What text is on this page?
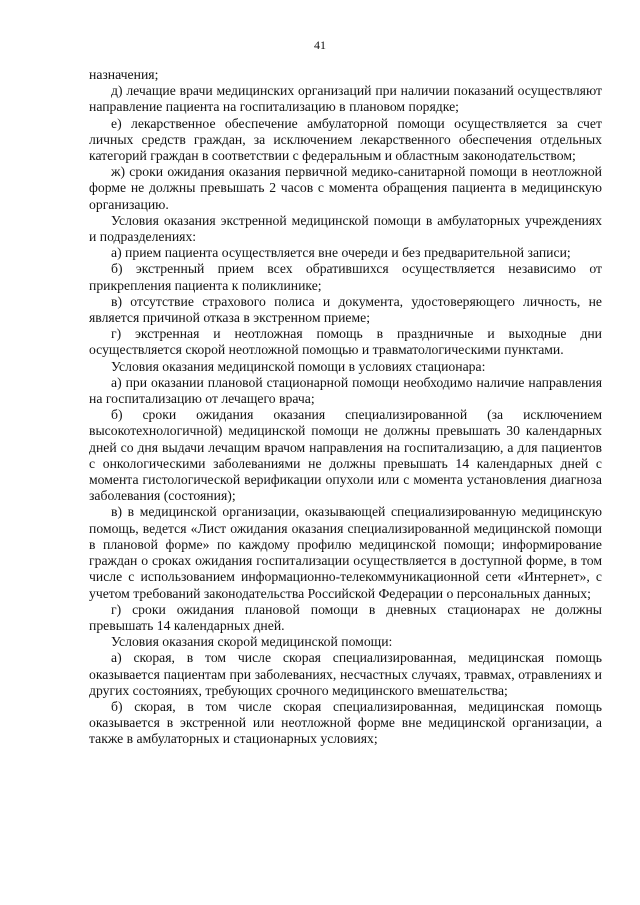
41

назначения;

д) лечащие врачи медицинских организаций при наличии показаний осуществляют направление пациента на госпитализацию в плановом порядке;

е) лекарственное обеспечение амбулаторной помощи осуществляется за счет личных средств граждан, за исключением лекарственного обеспечения отдельных категорий граждан в соответствии с федеральным и областным законодательством;

ж) сроки ожидания оказания первичной медико-санитарной помощи в неотложной форме не должны превышать 2 часов с момента обращения пациента в медицинскую организацию.

Условия оказания экстренной медицинской помощи в амбулаторных учреждениях и подразделениях:

а) прием пациента осуществляется вне очереди и без предварительной записи;

б) экстренный прием всех обратившихся осуществляется независимо от прикрепления пациента к поликлинике;

в) отсутствие страхового полиса и документа, удостоверяющего личность, не является причиной отказа в экстренном приеме;

г) экстренная и неотложная помощь в праздничные и выходные дни осуществляется скорой неотложной помощью и травматологическими пунктами.

Условия оказания медицинской помощи в условиях стационара:

а) при оказании плановой стационарной помощи необходимо наличие направления на госпитализацию от лечащего врача;

б) сроки ожидания оказания специализированной (за исключением высокотехнологичной) медицинской помощи не должны превышать 30 календарных дней со дня выдачи лечащим врачом направления на госпитализацию, а для пациентов с онкологическими заболеваниями не должны превышать 14 календарных дней с момента гистологической верификации опухоли или с момента установления диагноза заболевания (состояния);

в) в медицинской организации, оказывающей специализированную медицинскую помощь, ведется «Лист ожидания оказания специализированной медицинской помощи в плановой форме» по каждому профилю медицинской помощи; информирование граждан о сроках ожидания госпитализации осуществляется в доступной форме, в том числе с использованием информационно-телекоммуникационной сети «Интернет», с учетом требований законодательства Российской Федерации о персональных данных;

г) сроки ожидания плановой помощи в дневных стационарах не должны превышать 14 календарных дней.

Условия оказания скорой медицинской помощи:

а) скорая, в том числе скорая специализированная, медицинская помощь оказывается пациентам при заболеваниях, несчастных случаях, травмах, отравлениях и других состояниях, требующих срочного медицинского вмешательства;

б) скорая, в том числе скорая специализированная, медицинская помощь оказывается в экстренной или неотложной форме вне медицинской организации, а также в амбулаторных и стационарных условиях;
